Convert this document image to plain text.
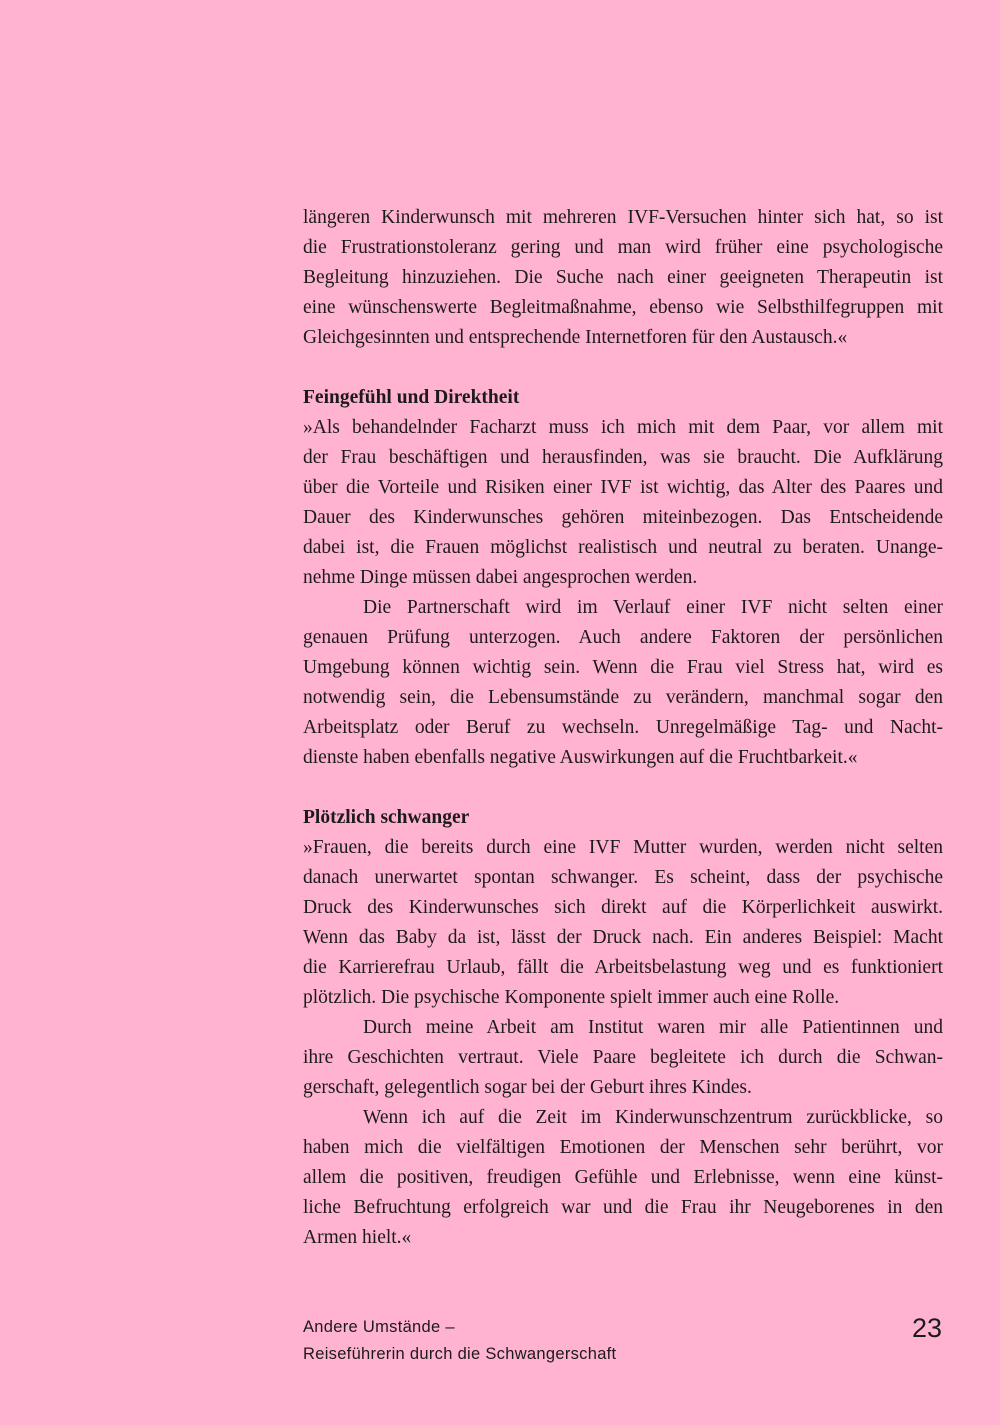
längeren Kinderwunsch mit mehreren IVF-Versuchen hinter sich hat, so ist
die Frustrationstoleranz gering und man wird früher eine psychologische
Begleitung hinzuziehen. Die Suche nach einer geeigneten Therapeutin ist
eine wünschenswerte Begleitmaßnahme, ebenso wie Selbsthilfegruppen mit
Gleichgesinnten und entsprechende Internetforen für den Austausch.«
Feingefühl und Direktheit
»Als behandelnder Facharzt muss ich mich mit dem Paar, vor allem mit
der Frau beschäftigen und herausfinden, was sie braucht. Die Aufklärung
über die Vorteile und Risiken einer IVF ist wichtig, das Alter des Paares und
Dauer des Kinderwunsches gehören miteinbezogen. Das Entscheidende
dabei ist, die Frauen möglichst realistisch und neutral zu beraten. Unange-
nehme Dinge müssen dabei angesprochen werden.
Die Partnerschaft wird im Verlauf einer IVF nicht selten einer
genauen Prüfung unterzogen. Auch andere Faktoren der persönlichen
Umgebung können wichtig sein. Wenn die Frau viel Stress hat, wird es
notwendig sein, die Lebensumstände zu verändern, manchmal sogar den
Arbeitsplatz oder Beruf zu wechseln. Unregelmäßige Tag- und Nacht-
dienste haben ebenfalls negative Auswirkungen auf die Fruchtbarkeit.«
Plötzlich schwanger
»Frauen, die bereits durch eine IVF Mutter wurden, werden nicht selten
danach unerwartet spontan schwanger. Es scheint, dass der psychische
Druck des Kinderwunsches sich direkt auf die Körperlichkeit auswirkt.
Wenn das Baby da ist, lässt der Druck nach. Ein anderes Beispiel: Macht
die Karrierefrau Urlaub, fällt die Arbeitsbelastung weg und es funktioniert
plötzlich. Die psychische Komponente spielt immer auch eine Rolle.
Durch meine Arbeit am Institut waren mir alle Patientinnen und
ihre Geschichten vertraut. Viele Paare begleitete ich durch die Schwan-
gerschaft, gelegentlich sogar bei der Geburt ihres Kindes.
Wenn ich auf die Zeit im Kinderwunschzentrum zurückblicke, so
haben mich die vielfältigen Emotionen der Menschen sehr berührt, vor
allem die positiven, freudigen Gefühle und Erlebnisse, wenn eine künst-
liche Befruchtung erfolgreich war und die Frau ihr Neugeborenes in den
Armen hielt.«
Andere Umstände –
Reiseführerin durch die Schwangerschaft
23
